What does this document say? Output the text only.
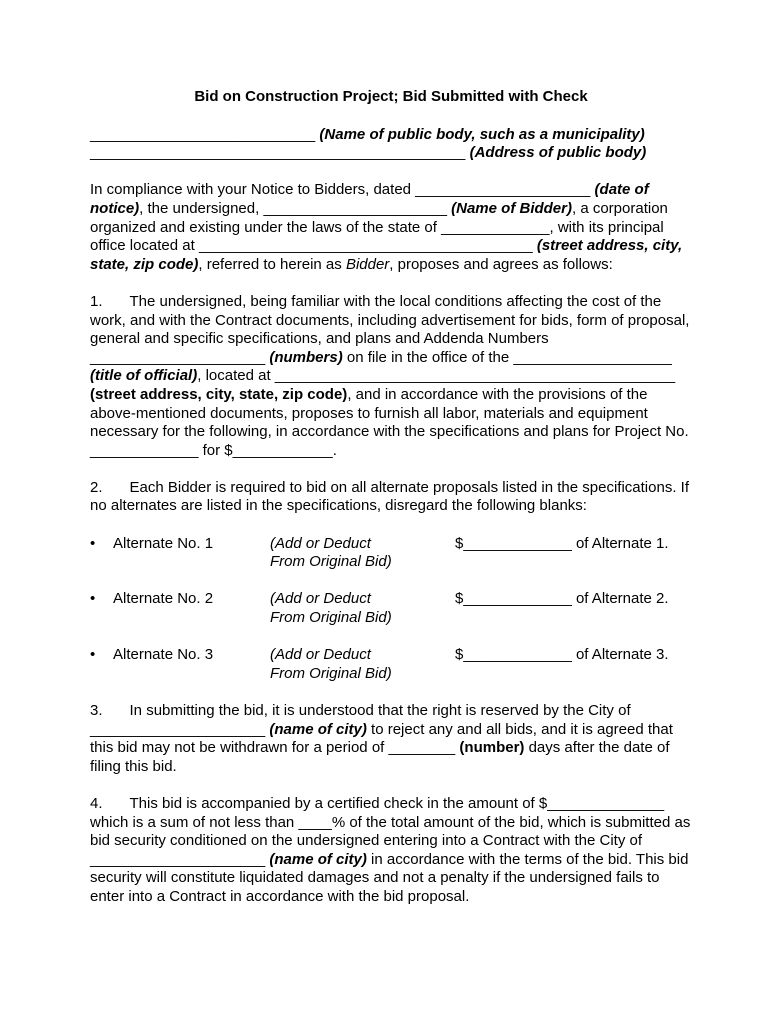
Bid on Construction Project; Bid Submitted with Check

___________________________ (Name of public body, such as a municipality)

_____________________________________________ (Address of public body)

In compliance with your Notice to Bidders, dated _____________________ (date of notice), the undersigned, ______________________ (Name of Bidder), a corporation organized and existing under the laws of the state of _____________, with its principal office located at ________________________________________ (street address, city, state, zip code), referred to herein as Bidder, proposes and agrees as follows:

1. The undersigned, being familiar with the local conditions affecting the cost of the work, and with the Contract documents, including advertisement for bids, form of proposal, general and specific specifications, and plans and Addenda Numbers _____________________ (numbers) on file in the office of the ___________________ (title of official), located at ________________________________________________ (street address, city, state, zip code), and in accordance with the provisions of the above-mentioned documents, proposes to furnish all labor, materials and equipment necessary for the following, in accordance with the specifications and plans for Project No. _____________ for $____________.

2. Each Bidder is required to bid on all alternate proposals listed in the specifications. If no alternates are listed in the specifications, disregard the following blanks:

•	Alternate No. 1	(Add or Deduct
From Original Bid)
$_____________ of Alternate 1.
•	Alternate No. 2	(Add or Deduct
From Original Bid)
$_____________ of Alternate 2.
•	Alternate No. 3	(Add or Deduct
From Original Bid)
$_____________ of Alternate 3.

3. In submitting the bid, it is understood that the right is reserved by the City of _____________________ (name of city) to reject any and all bids, and it is agreed that this bid may not be withdrawn for a period of ________ (number) days after the date of filing this bid.

4. This bid is accompanied by a certified check in the amount of $______________ which is a sum of not less than ____% of the total amount of the bid, which is submitted as bid security conditioned on the undersigned entering into a Contract with the City of _____________________ (name of city) in accordance with the terms of the bid. This bid security will constitute liquidated damages and not a penalty if the undersigned fails to enter into a Contract in accordance with the bid proposal.
